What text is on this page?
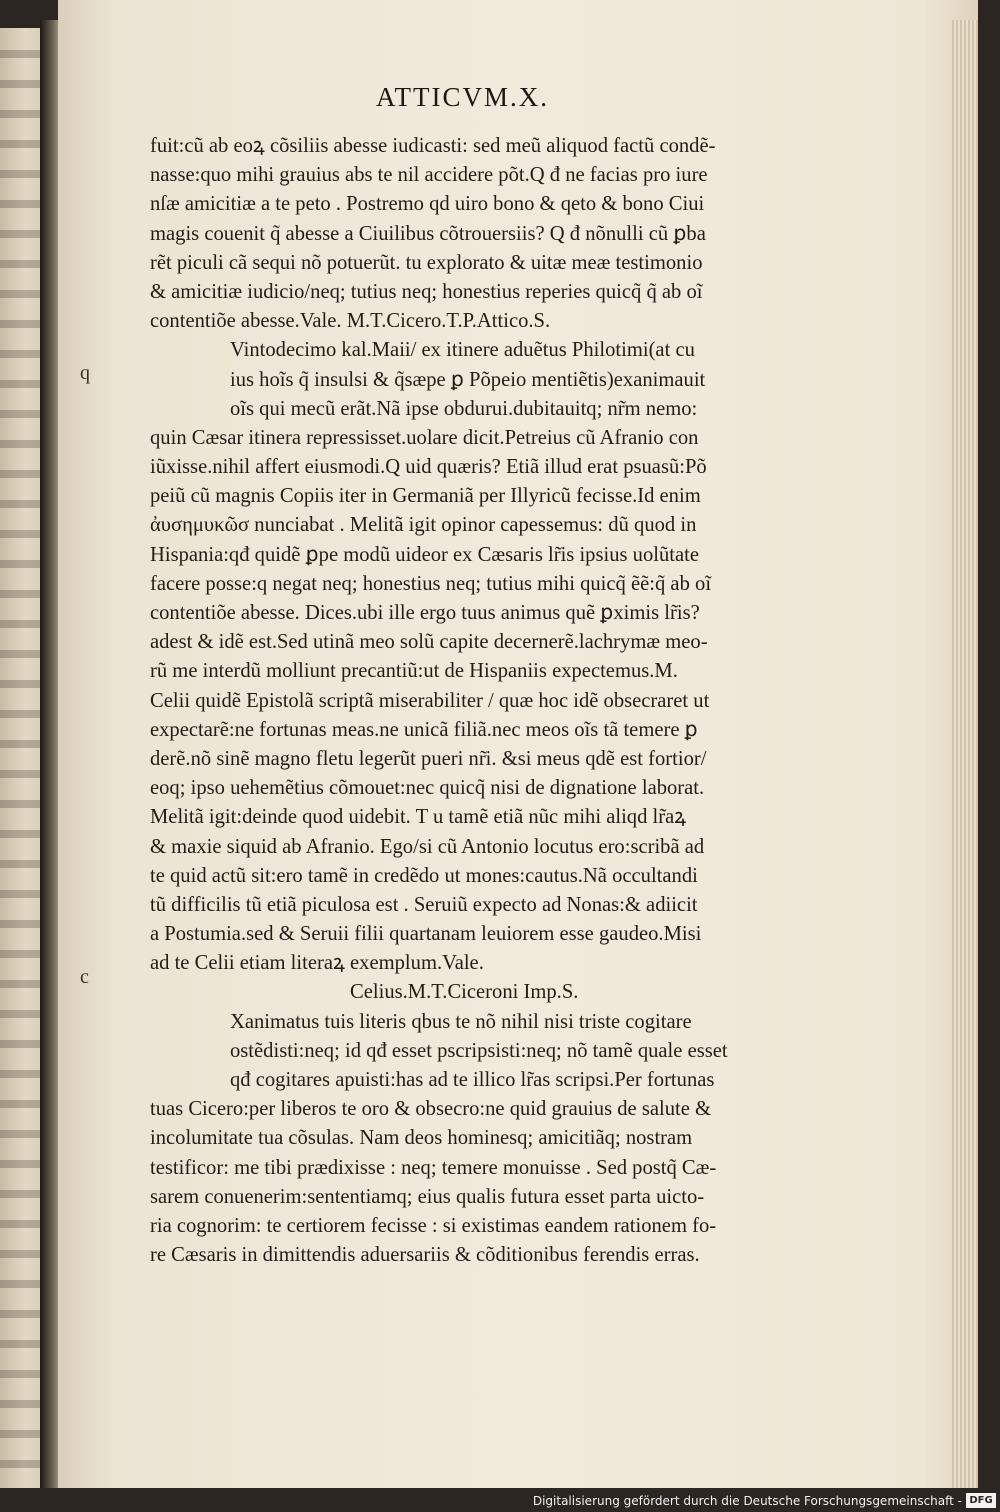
ATTICVM.X.
q
c
fuit:cũ ab eoꝝ cõsiliis abesse iudicasti: sed meũ aliquod factũ condẽ-
nasse:quo mihi grauius abs te nil accidere põt.Q đ ne facias pro iure
nſæ amicitiæ a te peto . Postremo qd uiro bono & qeto & bono Ciui
magis couenit q̃ abesse a Ciuilibus cõtrouersiis? Q đ nõnulli cũ ꝑba
rẽt piculi cã sequi nõ potuerũt. tu explorato & uitæ meæ testimonio
& amicitiæ iudicio/neq; tutius neq; honestius reperies quicq̃ q̃ ab oĩ
contentiõe abesse.Vale. M.T.Cicero.T.P.Attico.S.
Vintodecimo kal.Maii/ ex itinere aduẽtus Philotimi(at cu
ius hoĩs q̃ insulsi & q̃sæpe ꝑ Põpeio mentiẽtis)exanimauit
oĩs qui mecũ erãt.Nã ipse obdurui.dubitauitq; nr̃m nemo:
quin Cæsar itinera repressisset.uolare dicit.Petreius cũ Afranio con
iũxisse.nihil affert eiusmodi.Q uid quæris? Etiã illud erat psuasũ:Põ
peiũ cũ magnis Copiis iter in Germaniã per Illyricũ fecisse.Id enim
ἀυσημυκῶσ nunciabat . Melitã igit opinor capessemus: dũ quod in
Hispania:qđ quidẽ ꝑpe modũ uideor ex Cæsaris lr̃is ipsius uolũtate
facere posse:q negat neq; honestius neq; tutius mihi quicq̃ ẽẽ:q̃ ab oĩ
contentiõe abesse. Dices.ubi ille ergo tuus animus quẽ ꝑximis lr̃is?
adest & idẽ est.Sed utinã meo solũ capite decernerẽ.lachrymæ meo-
rũ me interdũ molliunt precantiũ:ut de Hispaniis expectemus.M.
Celii quidẽ Epistolã scriptã miserabiliter / quæ hoc idẽ obsecraret ut
expectarẽ:ne fortunas meas.ne unicã filiã.nec meos oĩs tã temere ꝑ
derẽ.nõ sinẽ magno fletu legerũt pueri nr̃i. &si meus qdẽ est fortior/
eoq; ipso uehemẽtius cõmouet:nec quicq̃ nisi de dignatione laborat.
Melitã igit:deinde quod uidebit. T u tamẽ etiã nũc mihi aliqd lr̃aꝝ
& maxie siquid ab Afranio. Ego/si cũ Antonio locutus ero:scribã ad
te quid actũ sit:ero tamẽ in credẽdo ut mones:cautus.Nã occultandi
tũ difficilis tũ etiã piculosa est . Seruiũ expecto ad Nonas:& adiicit
a Postumia.sed & Seruii filii quartanam leuiorem esse gaudeo.Misi
ad te Celii etiam literaꝝ exemplum.Vale.
Celius.M.T.Ciceroni Imp.S.
Xanimatus tuis literis qbus te nõ nihil nisi triste cogitare
ostẽdisti:neq; id qđ esset pscripsisti:neq; nõ tamẽ quale esset
qđ cogitares apuisti:has ad te illico lr̃as scripsi.Per fortunas
tuas Cicero:per liberos te oro & obsecro:ne quid grauius de salute &
incolumitate tua cõsulas. Nam deos hominesq; amicitiãq; nostram
testificor: me tibi prædixisse : neq; temere monuisse . Sed postq̃ Cæ-
sarem conuenerim:sententiamq; eius qualis futura esset parta uicto-
ria cognorim: te certiorem fecisse : si existimas eandem rationem fo-
re Cæsaris in dimittendis aduersariis & cõditionibus ferendis erras.
Digitalisierung gefördert durch die Deutsche Forschungsgemeinschaft - DFG
